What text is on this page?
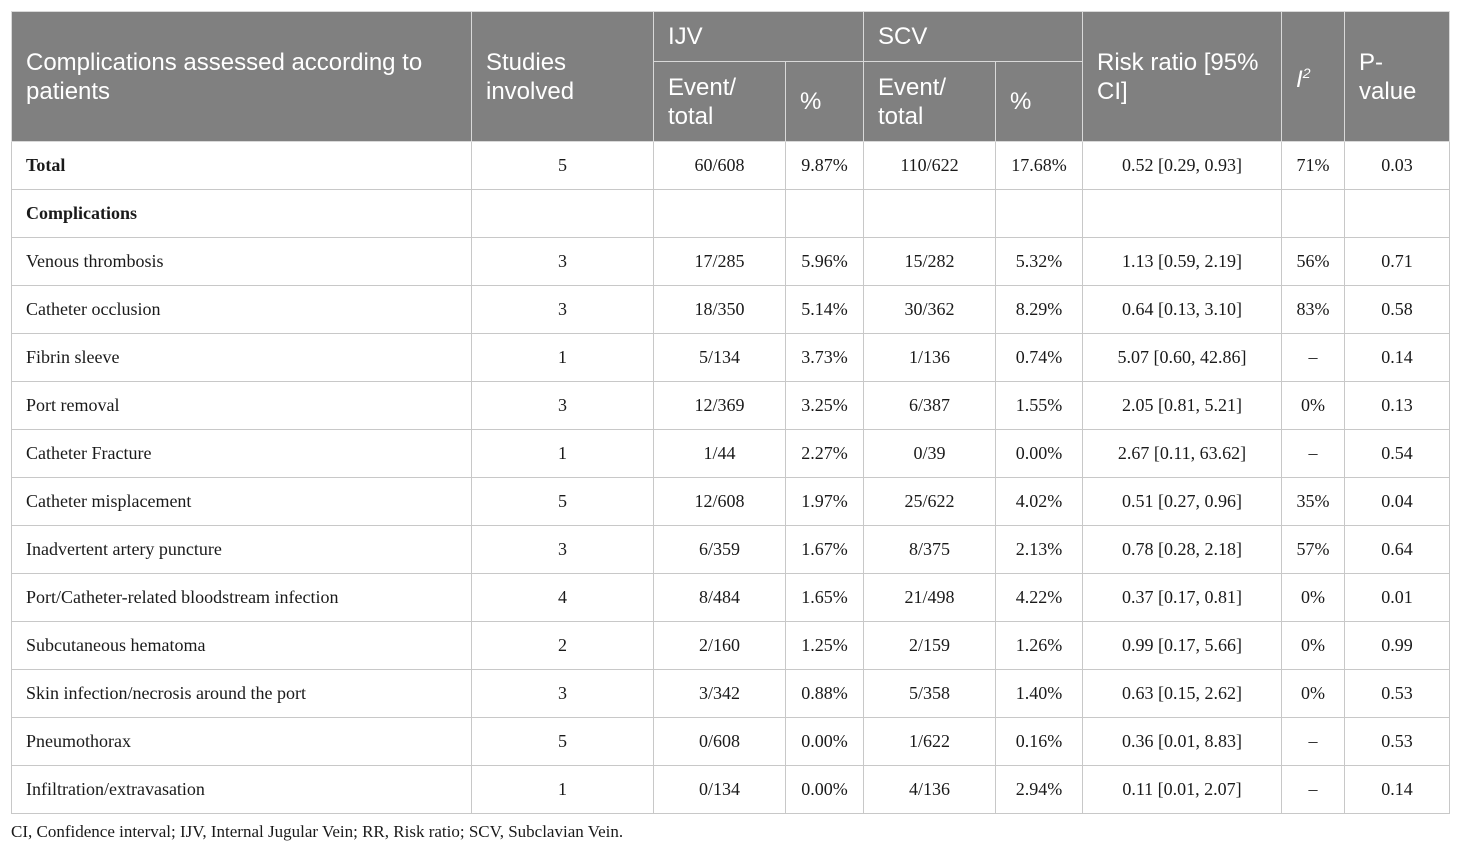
Complications assessed according to patients	Studies involved	IJV		SCV		Risk ratio [95% CI]	$I^2$	P-value
		Event/ total	%	Event/ total	%			
Total	5	60/608	9.87%	110/622	17.68%	0.52 [0.29, 0.93]	71%	0.03
Complications								
Venous thrombosis	3	17/285	5.96%	15/282	5.32%	1.13 [0.59, 2.19]	56%	0.71
Catheter occlusion	3	18/350	5.14%	30/362	8.29%	0.64 [0.13, 3.10]	83%	0.58
Fibrin sleeve	1	5/134	3.73%	1/136	0.74%	5.07 [0.60, 42.86]	–	0.14
Port removal	3	12/369	3.25%	6/387	1.55%	2.05 [0.81, 5.21]	0%	0.13
Catheter Fracture	1	1/44	2.27%	0/39	0.00%	2.67 [0.11, 63.62]	–	0.54
Catheter misplacement	5	12/608	1.97%	25/622	4.02%	0.51 [0.27, 0.96]	35%	0.04
Inadvertent artery puncture	3	6/359	1.67%	8/375	2.13%	0.78 [0.28, 2.18]	57%	0.64
Port/Catheter-related bloodstream infection	4	8/484	1.65%	21/498	4.22%	0.37 [0.17, 0.81]	0%	0.01
Subcutaneous hematoma	2	2/160	1.25%	2/159	1.26%	0.99 [0.17, 5.66]	0%	0.99
Skin infection/necrosis around the port	3	3/342	0.88%	5/358	1.40%	0.63 [0.15, 2.62]	0%	0.53
Pneumothorax	5	0/608	0.00%	1/622	0.16%	0.36 [0.01, 8.83]	–	0.53
Infiltration/extravasation	1	0/134	0.00%	4/136	2.94%	0.11 [0.01, 2.07]	–	0.14
CI, Confidence interval; IJV, Internal Jugular Vein; RR, Risk ratio; SCV, Subclavian Vein.
